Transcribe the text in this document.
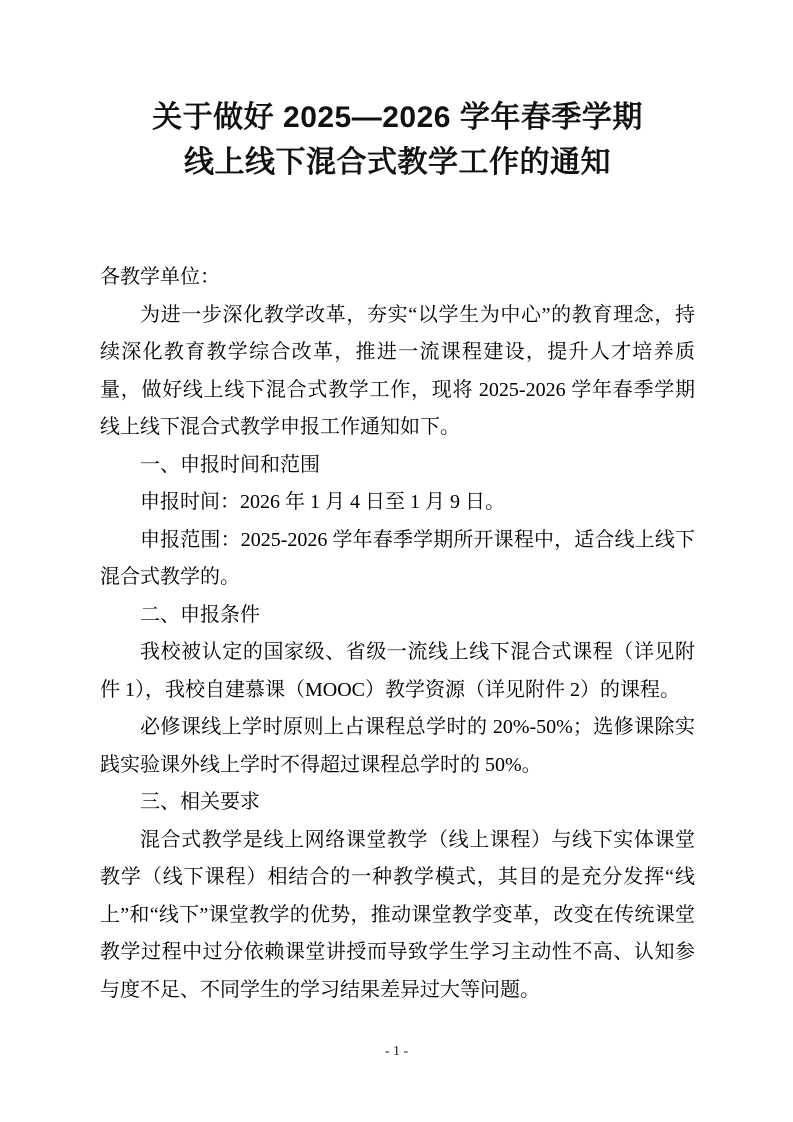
关于做好 2025—2026 学年春季学期
线上线下混合式教学工作的通知

各教学单位：

为进一步深化教学改革，夯实“以学生为中心”的教育理念，持续深化教育教学综合改革，推进一流课程建设，提升人才培养质量，做好线上线下混合式教学工作，现将 2025-2026 学年春季学期线上线下混合式教学申报工作通知如下。

一、申报时间和范围

申报时间：2026 年 1 月 4 日至 1 月 9 日。

申报范围：2025-2026 学年春季学期所开课程中，适合线上线下混合式教学的。

二、申报条件

我校被认定的国家级、省级一流线上线下混合式课程（详见附件 1），我校自建慕课（MOOC）教学资源（详见附件 2）的课程。

必修课线上学时原则上占课程总学时的 20%-50%；选修课除实践实验课外线上学时不得超过课程总学时的 50%。

三、相关要求

混合式教学是线上网络课堂教学（线上课程）与线下实体课堂教学（线下课程）相结合的一种教学模式，其目的是充分发挥“线上”和“线下”课堂教学的优势，推动课堂教学变革，改变在传统课堂教学过程中过分依赖课堂讲授而导致学生学习主动性不高、认知参与度不足、不同学生的学习结果差异过大等问题。

- 1 -
